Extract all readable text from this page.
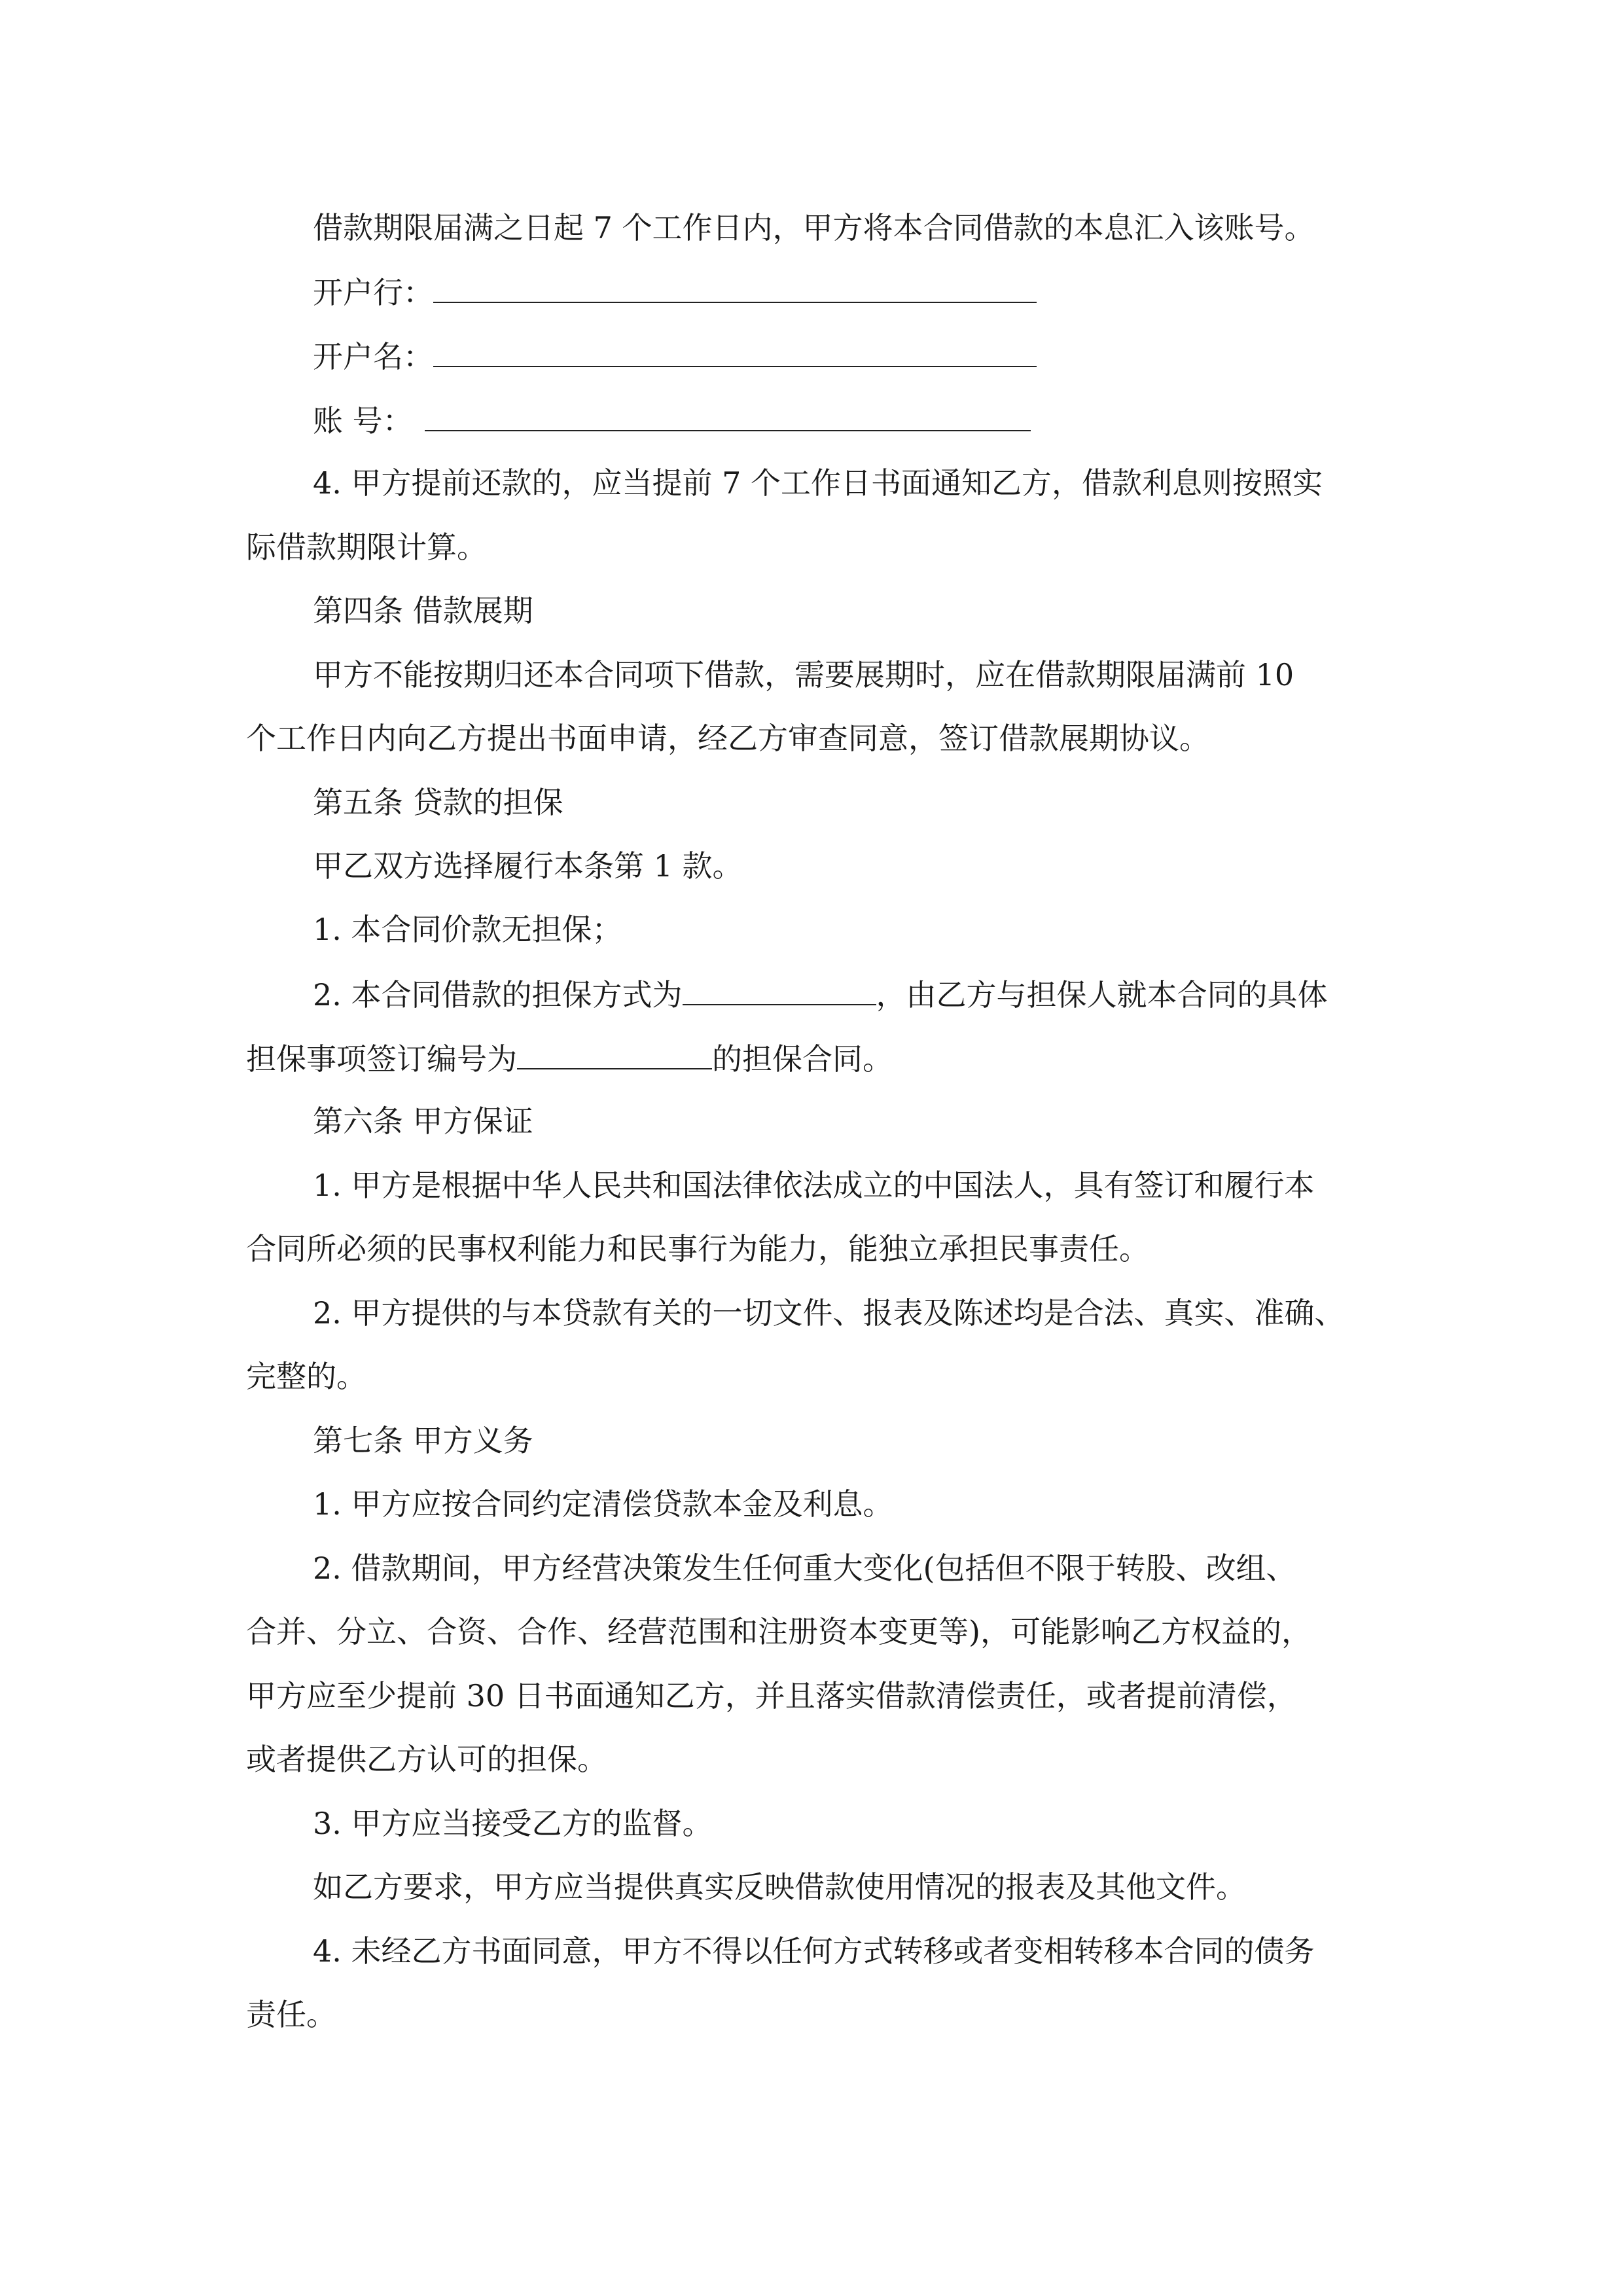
借款期限届满之日起 7 个工作日内，甲方将本合同借款的本息汇入该账号。
开户行：
开户名：
账 号：
4. 甲方提前还款的，应当提前 7 个工作日书面通知乙方，借款利息则按照实
际借款期限计算。
第四条 借款展期
甲方不能按期归还本合同项下借款，需要展期时，应在借款期限届满前 10
个工作日内向乙方提出书面申请，经乙方审查同意，签订借款展期协议。
第五条 贷款的担保
甲乙双方选择履行本条第 1 款。
1. 本合同价款无担保；
2. 本合同借款的担保方式为	，由乙方与担保人就本合同的具体
担保事项签订编号为	的担保合同。
第六条 甲方保证
1. 甲方是根据中华人民共和国法律依法成立的中国法人，具有签订和履行本
合同所必须的民事权利能力和民事行为能力，能独立承担民事责任。
2. 甲方提供的与本贷款有关的一切文件、报表及陈述均是合法、真实、准确、
完整的。
第七条 甲方义务
1. 甲方应按合同约定清偿贷款本金及利息。
2. 借款期间，甲方经营决策发生任何重大变化(包括但不限于转股、改组、
合并、分立、合资、合作、经营范围和注册资本变更等)，可能影响乙方权益的，
甲方应至少提前 30 日书面通知乙方，并且落实借款清偿责任，或者提前清偿，
或者提供乙方认可的担保。
3. 甲方应当接受乙方的监督。
如乙方要求，甲方应当提供真实反映借款使用情况的报表及其他文件。
4. 未经乙方书面同意，甲方不得以任何方式转移或者变相转移本合同的债务
责任。
